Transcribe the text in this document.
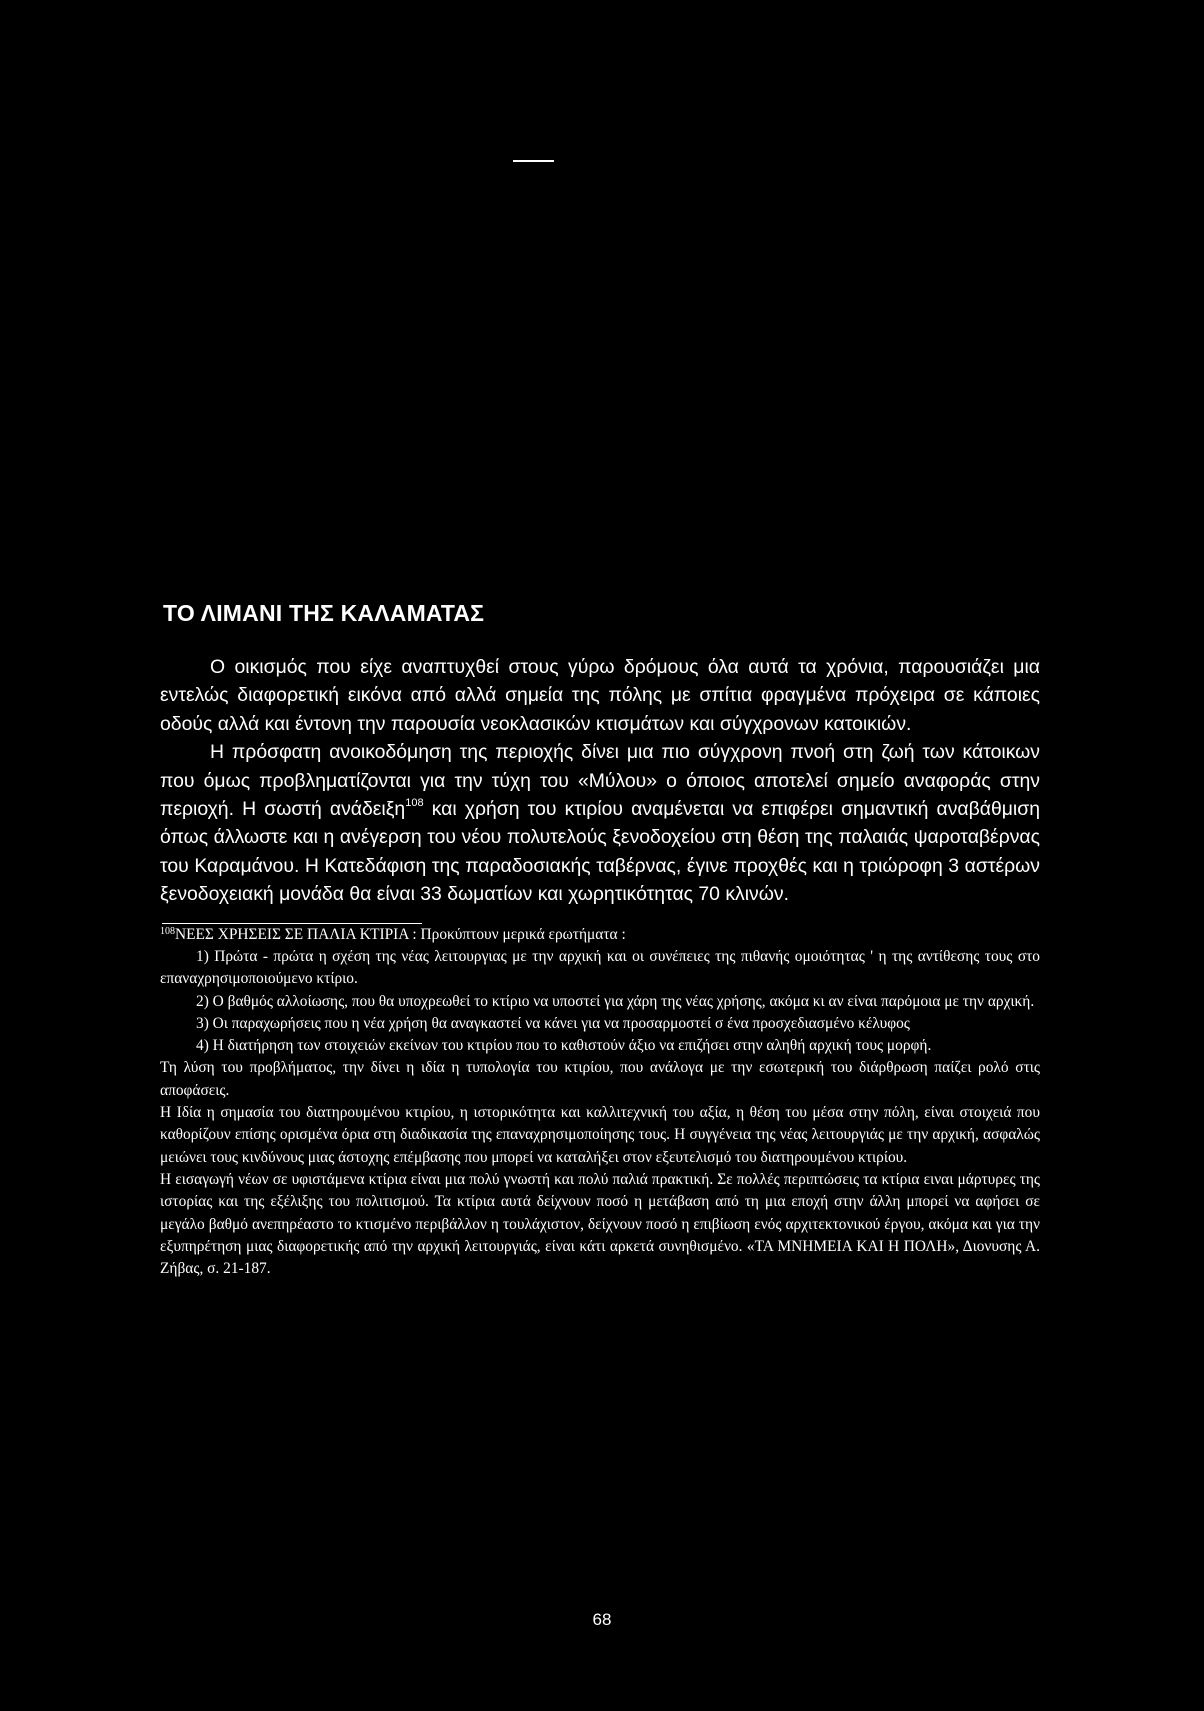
ΤΟ ΛΙΜΑΝΙ ΤΗΣ ΚΑΛΑΜΑΤΑΣ

Ο οικισμός που είχε αναπτυχθεί στους γύρω δρόμους όλα αυτά τα χρόνια, παρουσιάζει μια εντελώς διαφορετική εικόνα από αλλά σημεία της πόλης με σπίτια φραγμένα πρόχειρα σε κάποιες οδούς αλλά και έντονη την παρουσία νεοκλασικών κτισμάτων και σύγχρονων κατοικιών.

Η πρόσφατη ανοικοδόμηση της περιοχής δίνει μια πιο σύγχρονη πνοή στη ζωή των κάτοικων που όμως προβληματίζονται για την τύχη του «Μύλου» ο όποιος αποτελεί σημείο αναφοράς στην περιοχή. Η σωστή ανάδειξη$^{108}$ και χρήση του κτιρίου αναμένεται να επιφέρει σημαντική αναβάθμιση όπως άλλωστε και η ανέγερση του νέου πολυτελούς ξενοδοχείου στη θέση της παλαιάς ψαροταβέρνας του Καραμάνου. Η Κατεδάφιση της παραδοσιακής ταβέρνας, έγινε προχθές και η τριώροφη 3 αστέρων ξενοδοχειακή μονάδα θα είναι 33 δωματίων και χωρητικότητας 70 κλινών.

$^{108}$ΝΕΕΣ ΧΡΗΣΕΙΣ ΣΕ ΠΑΛΙΑ ΚΤΙΡΙΑ : Προκύπτουν μερικά ερωτήματα :

1) Πρώτα - πρώτα η σχέση της νέας λειτουργιας με την αρχική και οι συνέπειες της πιθανής ομοιότητας ' η της αντίθεσης τους στο επαναχρησιμοποιούμενο κτίριο.

2) Ο βαθμός αλλοίωσης, που θα υποχρεωθεί το κτίριο να υποστεί για χάρη της νέας χρήσης, ακόμα κι αν είναι παρόμοια με την αρχική.

3) Οι παραχωρήσεις που η νέα χρήση θα αναγκαστεί να κάνει για να προσαρμοστεί σ ένα προσχεδιασμένο κέλυφος

4) Η διατήρηση των στοιχειών εκείνων του κτιρίου που το καθιστούν άξιο να επιζήσει στην αληθή αρχική τους μορφή.

Τη λύση του προβλήματος, την δίνει η ιδία η τυπολογία του κτιρίου, που ανάλογα με την εσωτερική του διάρθρωση παίζει ρολό στις αποφάσεις.

Η Ιδία η σημασία του διατηρουμένου κτιρίου, η ιστορικότητα και καλλιτεχνική του αξία, η θέση του μέσα στην πόλη, είναι στοιχειά που καθορίζουν επίσης ορισμένα όρια στη διαδικασία της επαναχρησιμοποίησης τους. Η συγγένεια της νέας λειτουργιάς με την αρχική, ασφαλώς μειώνει τους κινδύνους μιας άστοχης επέμβασης που μπορεί να καταλήξει στον εξευτελισμό του διατηρουμένου κτιρίου.

Η εισαγωγή νέων σε υφιστάμενα κτίρια είναι μια πολύ γνωστή και πολύ παλιά πρακτική. Σε πολλές περιπτώσεις τα κτίρια ειναι μάρτυρες της ιστορίας και της εξέλιξης του πολιτισμού. Τα κτίρια αυτά δείχνουν ποσό η μετάβαση από τη μια εποχή στην άλλη μπορεί να αφήσει σε μεγάλο βαθμό ανεπηρέαστο το κτισμένο περιβάλλον η τουλάχιστον, δείχνουν ποσό η επιβίωση ενός αρχιτεκτονικού έργου, ακόμα και για την εξυπηρέτηση μιας διαφορετικής από την αρχική λειτουργιάς, είναι κάτι αρκετά συνηθισμένο. «ΤΑ ΜΝΗΜΕΙΑ ΚΑΙ Η ΠΟΛΗ», Διονυσης Α. Ζήβας, σ. 21-187.

68
